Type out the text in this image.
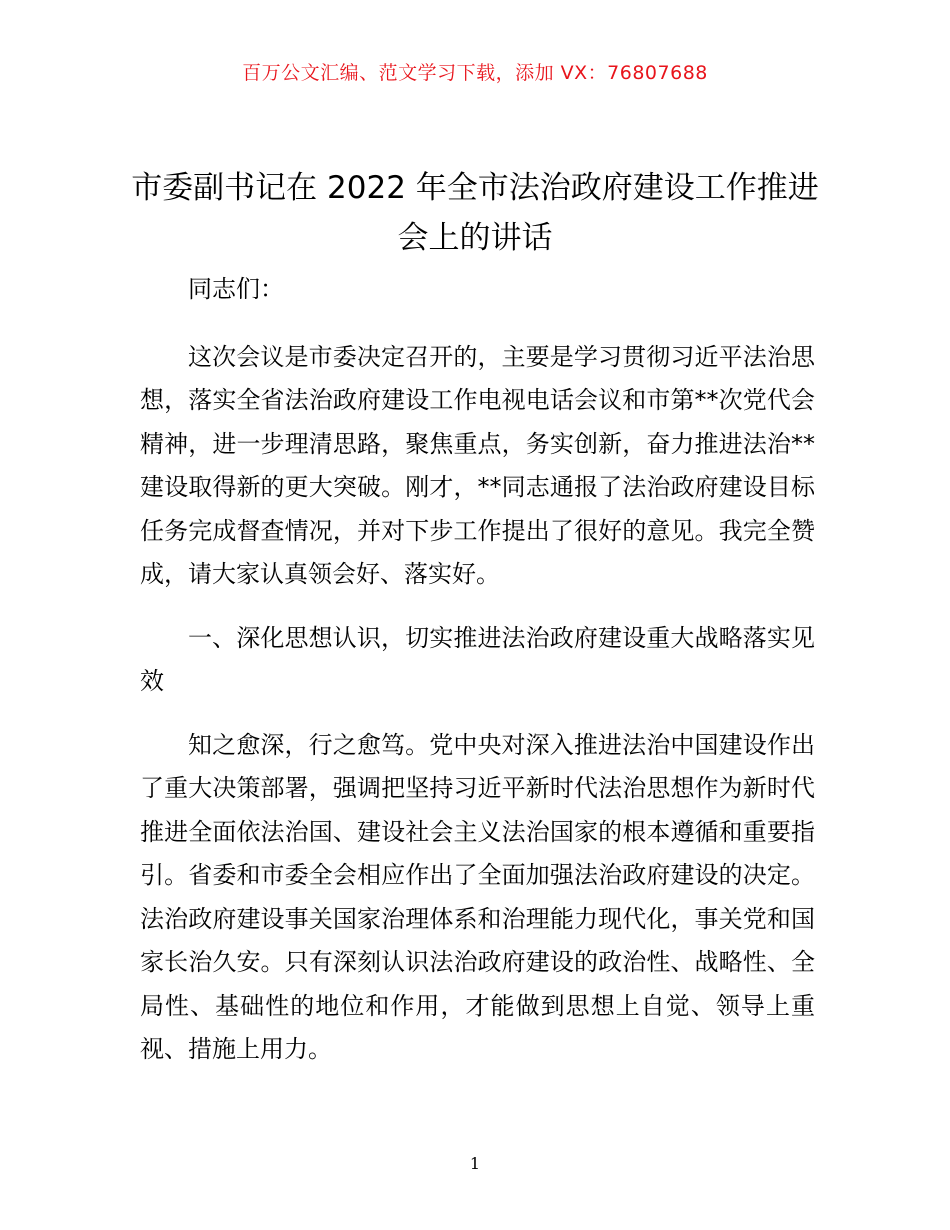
百万公文汇编、范文学习下载，添加 VX：76807688
市委副书记在 2022 年全市法治政府建设工作推进会上的讲话

同志们：

这次会议是市委决定召开的，主要是学习贯彻习近平法治思想，落实全省法治政府建设工作电视电话会议和市第**次党代会精神，进一步理清思路，聚焦重点，务实创新，奋力推进法治**建设取得新的更大突破。刚才，**同志通报了法治政府建设目标任务完成督查情况，并对下步工作提出了很好的意见。我完全赞成，请大家认真领会好、落实好。

一、深化思想认识，切实推进法治政府建设重大战略落实见效

知之愈深，行之愈笃。党中央对深入推进法治中国建设作出了重大决策部署，强调把坚持习近平新时代法治思想作为新时代推进全面依法治国、建设社会主义法治国家的根本遵循和重要指引。省委和市委全会相应作出了全面加强法治政府建设的决定。法治政府建设事关国家治理体系和治理能力现代化，事关党和国家长治久安。只有深刻认识法治政府建设的政治性、战略性、全局性、基础性的地位和作用，才能做到思想上自觉、领导上重视、措施上用力。

1
